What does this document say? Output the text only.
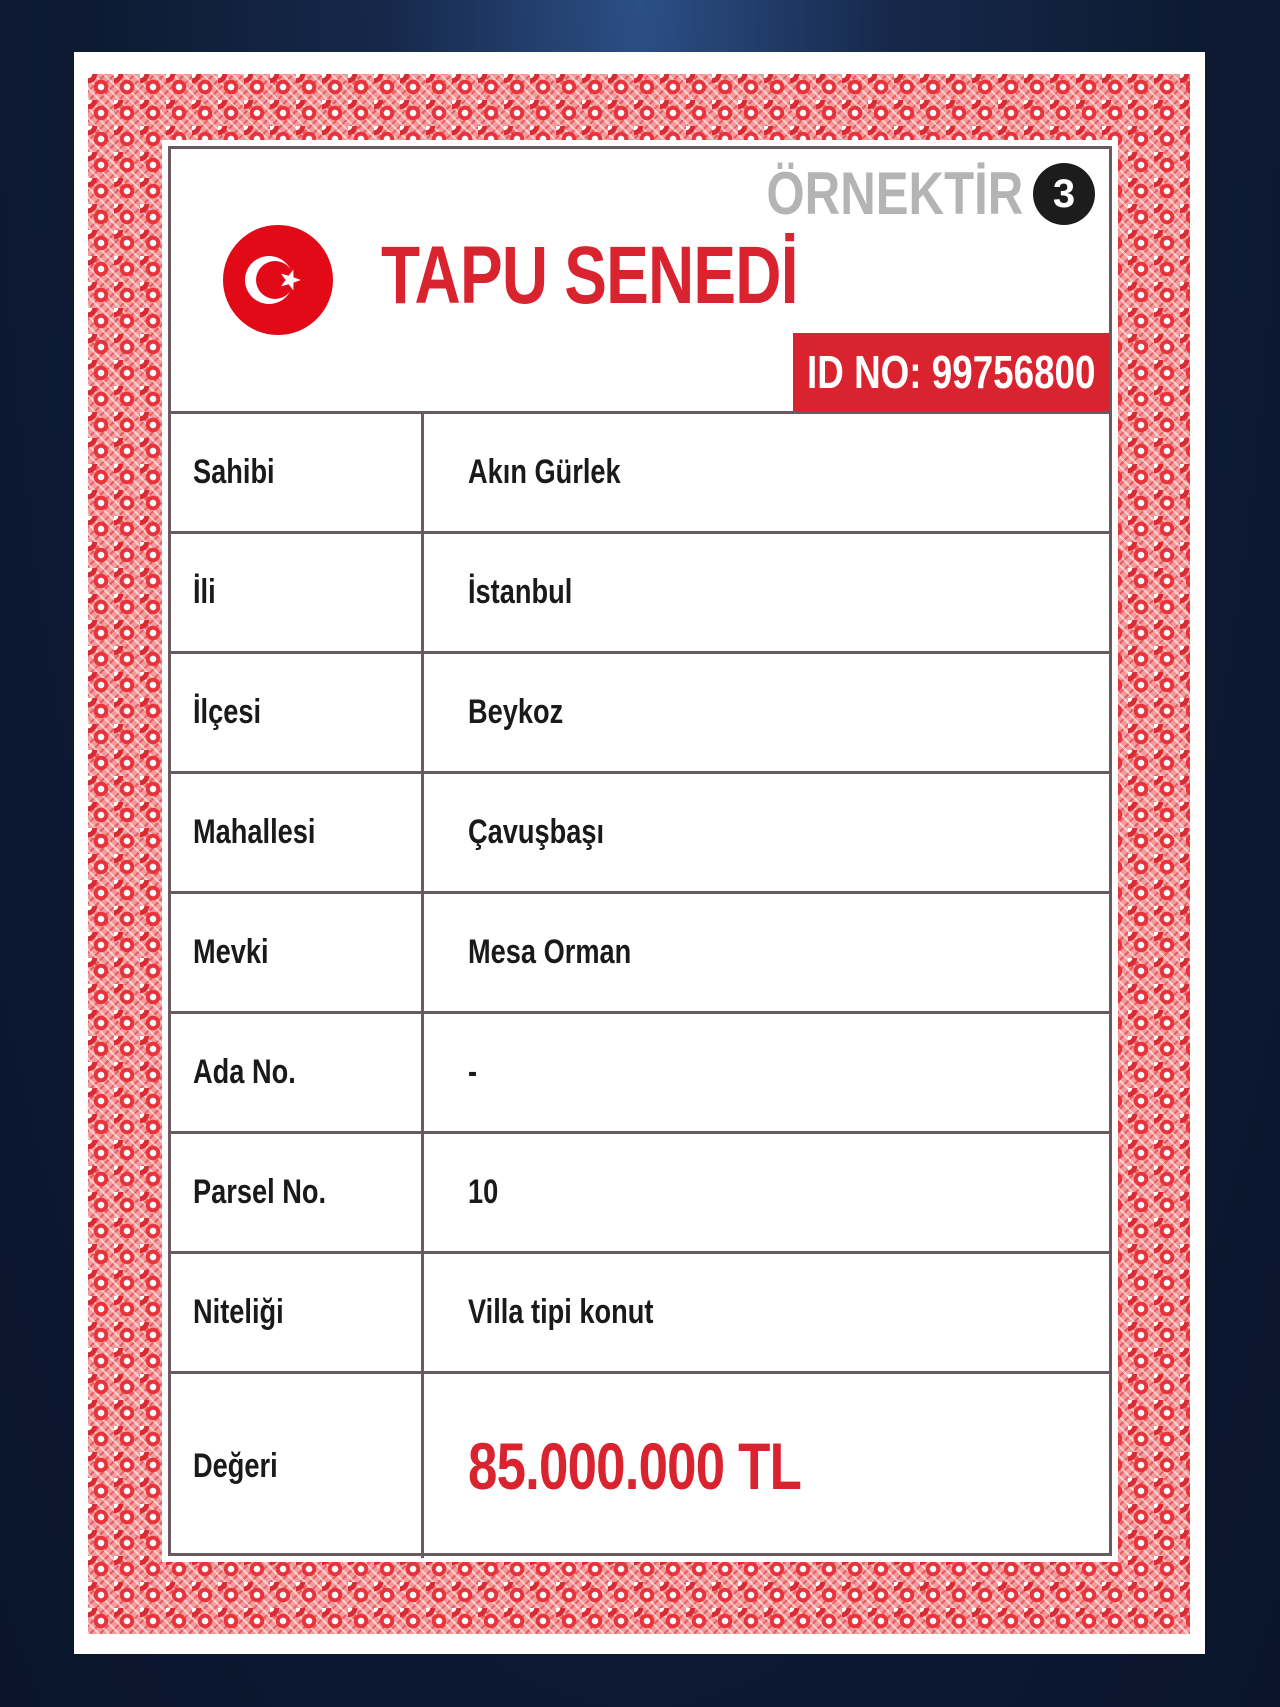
ÖRNEKTİR 3
TAPU SENEDİ
ID NO: 99756800
Sahibi	Akın Gürlek
İli	İstanbul
İlçesi	Beykoz
Mahallesi	Çavuşbaşı
Mevki	Mesa Orman
Ada No.	-
Parsel No.	10
Niteliği	Villa tipi konut
Değeri	85.000.000 TL
